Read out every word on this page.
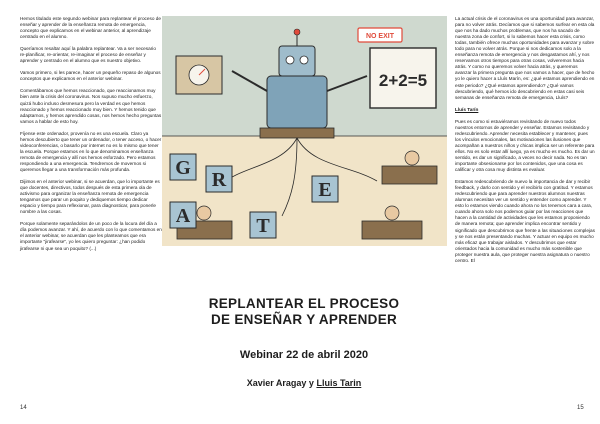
Hemos titulado este segundo webinar para replantear el proceso de enseñar y aprender de la enseñanza remota de emergencia, concepto que explicamos en el webinar anterior, al aprendizaje centrado en el alumno.

Queríamos resaltar aquí la palabra replantear. Va a ser necesario re-planificar, re-orientar, re-imaginar el proceso de enseñar y aprender y centrado en el alumno que es nuestro objetivo.

Vamos primero, si les parece, hacer un pequeño repaso de algunos conceptos que explicamos en el anterior webinar.

Comentábamos que hemos reaccionado, que reaccionamos muy bien ante la crisis del coronavirus. Nos supuso mucho esfuerzo, quizá hubo incluso desmesura pero la verdad es que hemos reaccionado y hemos reaccionado muy bien. Y hemos tenido que adaptarnos, y hemos aprendido cosas, nos hemos hecho preguntas vamos a hablar de esto hoy.

Fíjense este ordenador, provenía no es una escuela. Claro ya hemos descubierto que tener un ordenador, o tener acceso, o hacer videoconferencias, o basarlo por internet no es lo mismo que tener la escuela. Porque estamos en lo que denominamos enseñanza remota de emergencia y allí nos hemos esforzado. Pero estamos respondiendo a una emergencia. Tendremos de movernos si queremos llegar a una transformación más profunda.

Dijimos en el anterior webinar, si se acuerdan, que lo importante es que docentes, directivos, todos después de esta primera ola de activismo para organizar la enseñanza remota de emergencia tengamos que parar un poquito y dediquemos tiempo dedicar espacio y tiempo para reflexionar, para diagnosticar, para ponerle nombre a las cosas.

Porque solamente separándolos de un poco de la locura del día a día podemos avanzar. Y ahí, de acuerdo con lo que comentamos en el anterior webinar, se acuerdan que les planteamos que era importante "jirafearse", yo les quiero preguntar: ¿han podido jirafearse ni que sea un poquito? (...)

NO EXIT
2+2=5
G
R	E
A	T
REPLANTEAR EL PROCESO
DE ENSEÑAR Y APRENDER
Webinar 22 de abril 2020
Xavier Aragay y Lluis Tarin

La actual crisis de el coronavirus es una oportunidad para avanzar, para no volver atrás. Decíamos que si sabemos surfear en esta ola que nos ha dado muchos problemas, que nos ha sacado de nuestra zona de confort, si lo sabemos hacer esta crisis, como todas, también ofrece muchas oportunidades para avanzar y sobre todo para no volver atrás. Porque si nos dedicamos solo a la enseñanza remota de emergencia y nos desgastamos ahí, y nos reservamos otros tiempos para otras cosas, volveremos hacia atrás. Y como no queremos volver hacia atrás, y queremos avanzar la primera pregunta que nos vamos a hacer, que de hecho yo le quiero hacer a Lluís Marín, es: ¿qué estamos aprendiendo en este periodo? ¿Qué estamos aprendiendo? ¿Qué vamos descubriendo, qué hemos ido descubriendo en estas casi seis semanas de enseñanza remota de emergencia, Lluís?

Lluís Tarín

Pues es como si estuviéramos revisitando de nuevo todos nuestros entornos de aprender y enseñar. Estamos revisitando y redescubriendo. Aprender necesita establecer y mantener, pues los vínculos emocionales, las motivaciones las ilusiones que acompañan a nuestros niños y chicas implica ser un referente para ellos. No es solo estar allí luego, ya es mucho es mucho. Es dar un sentido, es dar un significado, a veces no decir nada. No es tan importante obsesionarse por los contenidos, que una cosa es calificar y otra cosa muy distinta es evaluar.

Estamos redescubriendo de nuevo la importancia de dar y recibir feedback, y darlo con sentido y el recibirlo con gratitud. Y estamos redescubriendo que para aprender nuestros alumnos nuestras alumnas necesitan ver un sentido y entender como aprender. Y esto lo estamos viendo cuando ahora no los tenemos cara a cara, cuando ahora solo nos podemos guiar por las reacciones que hacen a la cantidad de actividades que les estamos proponiendo de manera remota; que aprender implica encontrar sentido y significado que descubrimos que frente a las situaciones complejas y se nos están presentando muchas. Y actuar en equipo es mucho más eficaz que trabajar aislados. Y descubrimos que estar orientados hacia la comunidad es mucho más sostenible que proteger nuestra aula, que proteger nuestra asignatura o nuestro centro. El

14	15
